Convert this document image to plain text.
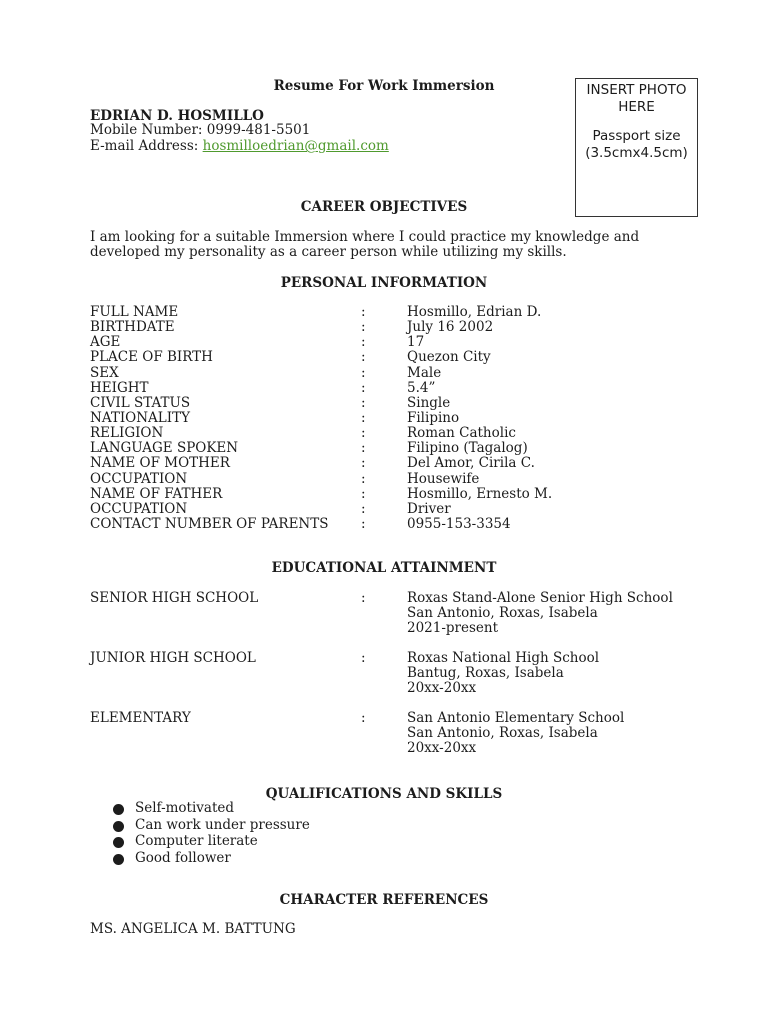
Resume For Work Immersion	INSERT PHOTO HERE

Passport size (3.5cmx4.5cm)

EDRIAN D. HOSMILLO
Mobile Number: 0999-481-5501
E-mail Address: hosmilloedrian@gmail.com
CAREER OBJECTIVES
I am looking for a suitable Immersion where I could practice my knowledge and developed my personality as a career person while utilizing my skills.
PERSONAL INFORMATION
FULL NAME	:	Hosmillo, Edrian D.
BIRTHDATE	:	July 16 2002
AGE	:	17
PLACE OF BIRTH	:	Quezon City
SEX	:	Male
HEIGHT	:	5.4”
CIVIL STATUS	:	Single
NATIONALITY	:	Filipino
RELIGION	:	Roman Catholic
LANGUAGE SPOKEN	:	Filipino (Tagalog)
NAME OF MOTHER	:	Del Amor, Cirila C.
OCCUPATION	:	Housewife
NAME OF FATHER	:	Hosmillo, Ernesto M.
OCCUPATION	:	Driver
CONTACT NUMBER OF PARENTS :	0955-153-3354
EDUCATIONAL ATTAINMENT
SENIOR HIGH SCHOOL	:	Roxas Stand-Alone Senior High School
San Antonio, Roxas, Isabela
2021-present
JUNIOR HIGH SCHOOL	:	Roxas National High School
Bantug, Roxas, Isabela
20xx-20xx
ELEMENTARY	:	San Antonio Elementary School
San Antonio, Roxas, Isabela
20xx-20xx
QUALIFICATIONS AND SKILLS
Self-motivated
Can work under pressure
Computer literate
Good follower
CHARACTER REFERENCES
MS. ANGELICA M. BATTUNG
